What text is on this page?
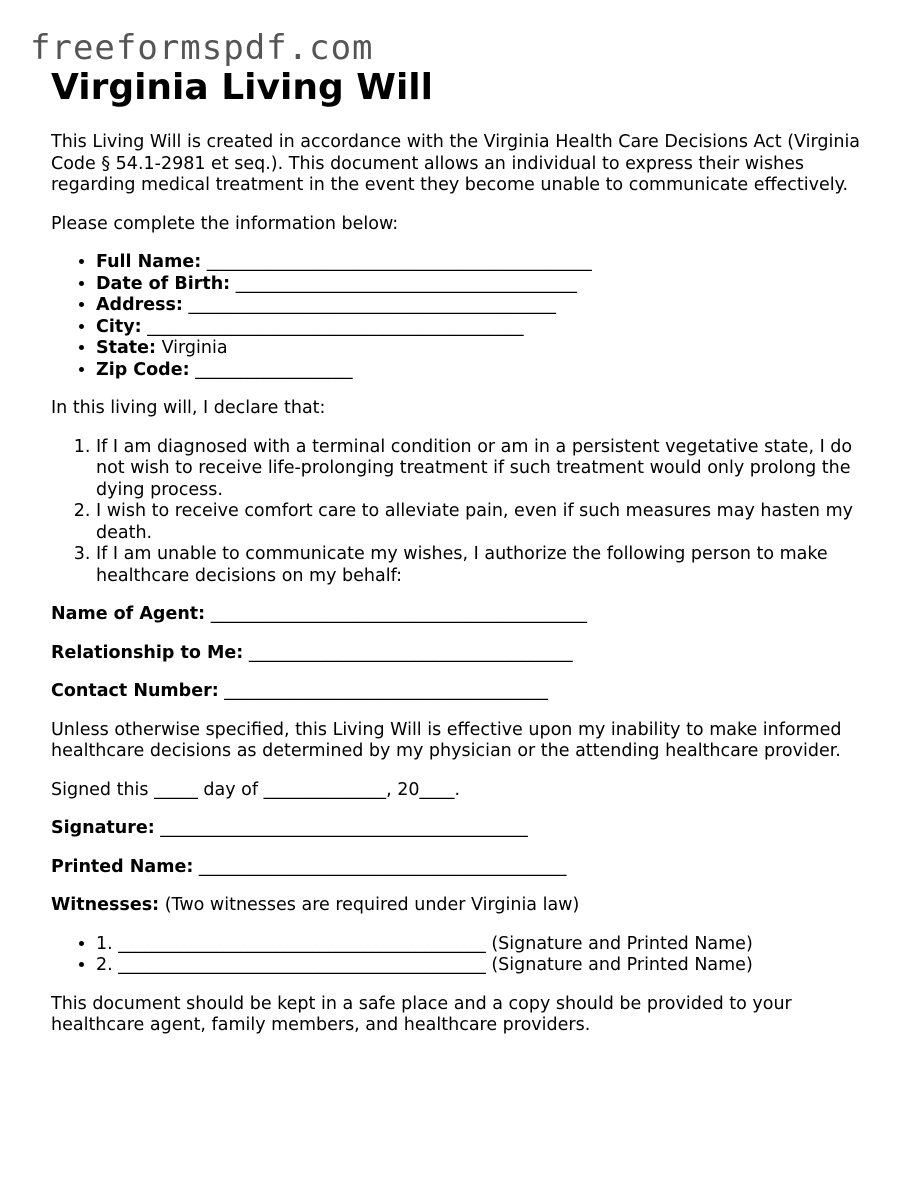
freeformspdf.com
Virginia Living Will

This Living Will is created in accordance with the Virginia Health Care Decisions Act (Virginia Code § 54.1-2981 et seq.). This document allows an individual to express their wishes regarding medical treatment in the event they become unable to communicate effectively.

Please complete the information below:

• Full Name: ____________________________________________
• Date of Birth: _______________________________________
• Address: __________________________________________
• City: ___________________________________________
• State: Virginia
• Zip Code: __________________

In this living will, I declare that:

1. If I am diagnosed with a terminal condition or am in a persistent vegetative state, I do not wish to receive life-prolonging treatment if such treatment would only prolong the dying process.
2. I wish to receive comfort care to alleviate pain, even if such measures may hasten my death.
3. If I am unable to communicate my wishes, I authorize the following person to make healthcare decisions on my behalf:

Name of Agent: ___________________________________________

Relationship to Me: _____________________________________

Contact Number: _____________________________________

Unless otherwise specified, this Living Will is effective upon my inability to make informed healthcare decisions as determined by my physician or the attending healthcare provider.

Signed this _____ day of ______________, 20____.

Signature: __________________________________________

Printed Name: __________________________________________

Witnesses: (Two witnesses are required under Virginia law)

• 1. __________________________________________ (Signature and Printed Name)
• 2. __________________________________________ (Signature and Printed Name)

This document should be kept in a safe place and a copy should be provided to your healthcare agent, family members, and healthcare providers.
